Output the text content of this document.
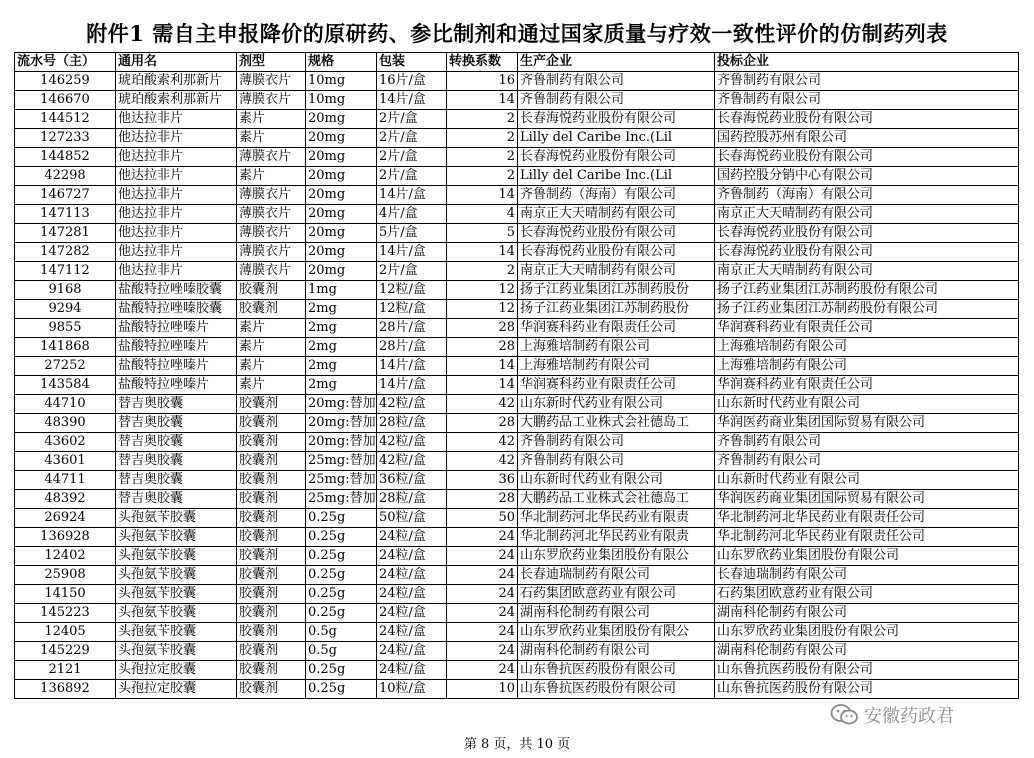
附件1 需自主申报降价的原研药、参比制剂和通过国家质量与疗效一致性评价的仿制药列表
流水号（主）	通用名	剂型	规格	包装	转换系数	生产企业	投标企业
146259	琥珀酸索利那新片	薄膜衣片	10mg	16片/盒	16	齐鲁制药有限公司	齐鲁制药有限公司
146670	琥珀酸索利那新片	薄膜衣片	10mg	14片/盒	14	齐鲁制药有限公司	齐鲁制药有限公司
144512	他达拉非片	素片	20mg	2片/盒	2	长春海悦药业股份有限公司	长春海悦药业股份有限公司
127233	他达拉非片	素片	20mg	2片/盒	2	Lilly del Caribe Inc.(Lil	国药控股苏州有限公司
144852	他达拉非片	薄膜衣片	20mg	2片/盒	2	长春海悦药业股份有限公司	长春海悦药业股份有限公司
42298	他达拉非片	素片	20mg	2片/盒	2	Lilly del Caribe Inc.(Lil	国药控股分销中心有限公司
146727	他达拉非片	薄膜衣片	20mg	14片/盒	14	齐鲁制药（海南）有限公司	齐鲁制药（海南）有限公司
147113	他达拉非片	薄膜衣片	20mg	4片/盒	4	南京正大天晴制药有限公司	南京正大天晴制药有限公司
147281	他达拉非片	薄膜衣片	20mg	5片/盒	5	长春海悦药业股份有限公司	长春海悦药业股份有限公司
147282	他达拉非片	薄膜衣片	20mg	14片/盒	14	长春海悦药业股份有限公司	长春海悦药业股份有限公司
147112	他达拉非片	薄膜衣片	20mg	2片/盒	2	南京正大天晴制药有限公司	南京正大天晴制药有限公司
9168	盐酸特拉唑嗪胶囊	胶囊剂	1mg	12粒/盒	12	扬子江药业集团江苏制药股份	扬子江药业集团江苏制药股份有限公司
9294	盐酸特拉唑嗪胶囊	胶囊剂	2mg	12粒/盒	12	扬子江药业集团江苏制药股份	扬子江药业集团江苏制药股份有限公司
9855	盐酸特拉唑嗪片	素片	2mg	28片/盒	28	华润赛科药业有限责任公司	华润赛科药业有限责任公司
141868	盐酸特拉唑嗪片	素片	2mg	28片/盒	28	上海雅培制药有限公司	上海雅培制药有限公司
27252	盐酸特拉唑嗪片	素片	2mg	14片/盒	14	上海雅培制药有限公司	上海雅培制药有限公司
143584	盐酸特拉唑嗪片	素片	2mg	14片/盒	14	华润赛科药业有限责任公司	华润赛科药业有限责任公司
44710	替吉奥胶囊	胶囊剂	20mg:替加	42粒/盒	42	山东新时代药业有限公司	山东新时代药业有限公司
48390	替吉奥胶囊	胶囊剂	20mg:替加	28粒/盒	28	大鹏药品工业株式会社德岛工	华润医药商业集团国际贸易有限公司
43602	替吉奥胶囊	胶囊剂	20mg:替加	42粒/盒	42	齐鲁制药有限公司	齐鲁制药有限公司
43601	替吉奥胶囊	胶囊剂	25mg:替加	42粒/盒	42	齐鲁制药有限公司	齐鲁制药有限公司
44711	替吉奥胶囊	胶囊剂	25mg:替加	36粒/盒	36	山东新时代药业有限公司	山东新时代药业有限公司
48392	替吉奥胶囊	胶囊剂	25mg:替加	28粒/盒	28	大鹏药品工业株式会社德岛工	华润医药商业集团国际贸易有限公司
26924	头孢氨苄胶囊	胶囊剂	0.25g	50粒/盒	50	华北制药河北华民药业有限责	华北制药河北华民药业有限责任公司
136928	头孢氨苄胶囊	胶囊剂	0.25g	24粒/盒	24	华北制药河北华民药业有限责	华北制药河北华民药业有限责任公司
12402	头孢氨苄胶囊	胶囊剂	0.25g	24粒/盒	24	山东罗欣药业集团股份有限公	山东罗欣药业集团股份有限公司
25908	头孢氨苄胶囊	胶囊剂	0.25g	24粒/盒	24	长春迪瑞制药有限公司	长春迪瑞制药有限公司
14150	头孢氨苄胶囊	胶囊剂	0.25g	24粒/盒	24	石药集团欧意药业有限公司	石药集团欧意药业有限公司
145223	头孢氨苄胶囊	胶囊剂	0.25g	24粒/盒	24	湖南科伦制药有限公司	湖南科伦制药有限公司
12405	头孢氨苄胶囊	胶囊剂	0.5g	24粒/盒	24	山东罗欣药业集团股份有限公	山东罗欣药业集团股份有限公司
145229	头孢氨苄胶囊	胶囊剂	0.5g	24粒/盒	24	湖南科伦制药有限公司	湖南科伦制药有限公司
2121	头孢拉定胶囊	胶囊剂	0.25g	24粒/盒	24	山东鲁抗医药股份有限公司	山东鲁抗医药股份有限公司
136892	头孢拉定胶囊	胶囊剂	0.25g	10粒/盒	10	山东鲁抗医药股份有限公司	山东鲁抗医药股份有限公司
安徽药政君
第 8 页，共 10 页
